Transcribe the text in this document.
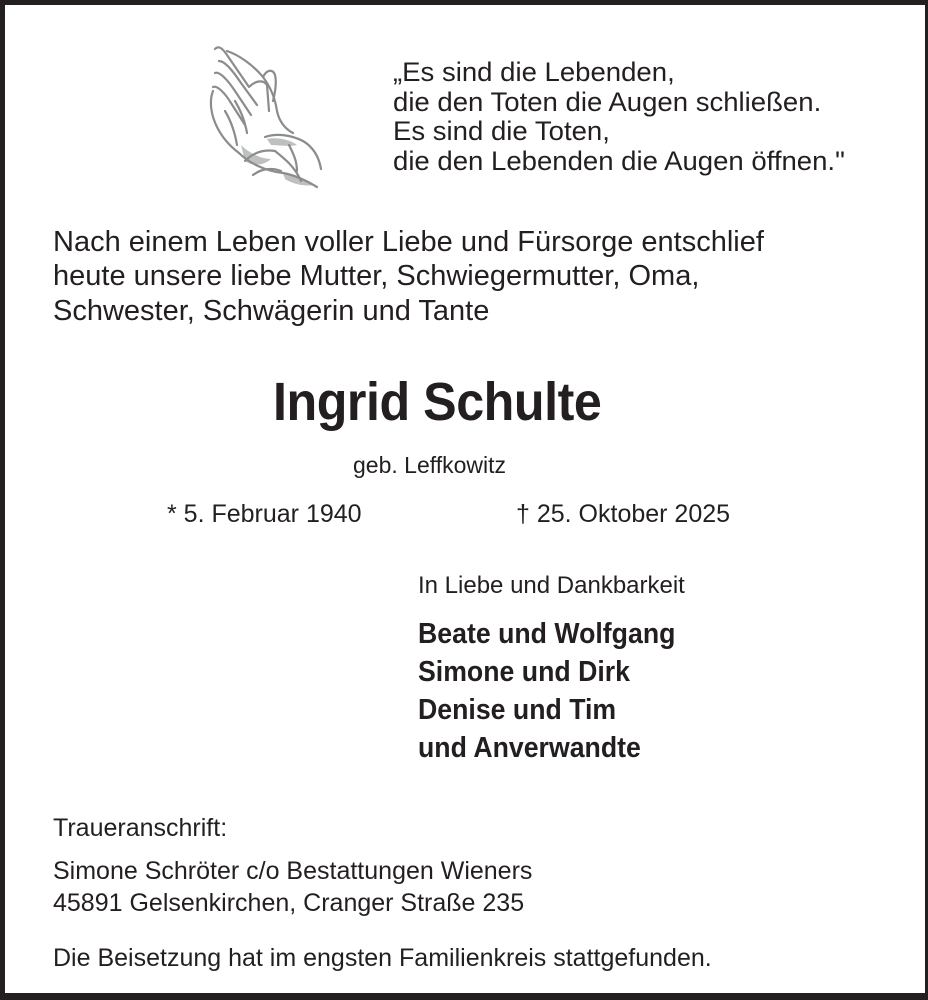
„Es sind die Lebenden,
die den Toten die Augen schließen.
Es sind die Toten,
die den Lebenden die Augen öffnen."
Nach einem Leben voller Liebe und Fürsorge entschlief
heute unsere liebe Mutter, Schwiegermutter, Oma,
Schwester, Schwägerin und Tante
Ingrid Schulte
geb. Leffkowitz
* 5. Februar 1940	† 25. Oktober 2025
In Liebe und Dankbarkeit
Beate und Wolfgang
Simone und Dirk
Denise und Tim
und Anverwandte
Traueranschrift:
Simone Schröter c/o Bestattungen Wieners
45891 Gelsenkirchen, Cranger Straße 235
Die Beisetzung hat im engsten Familienkreis stattgefunden.
